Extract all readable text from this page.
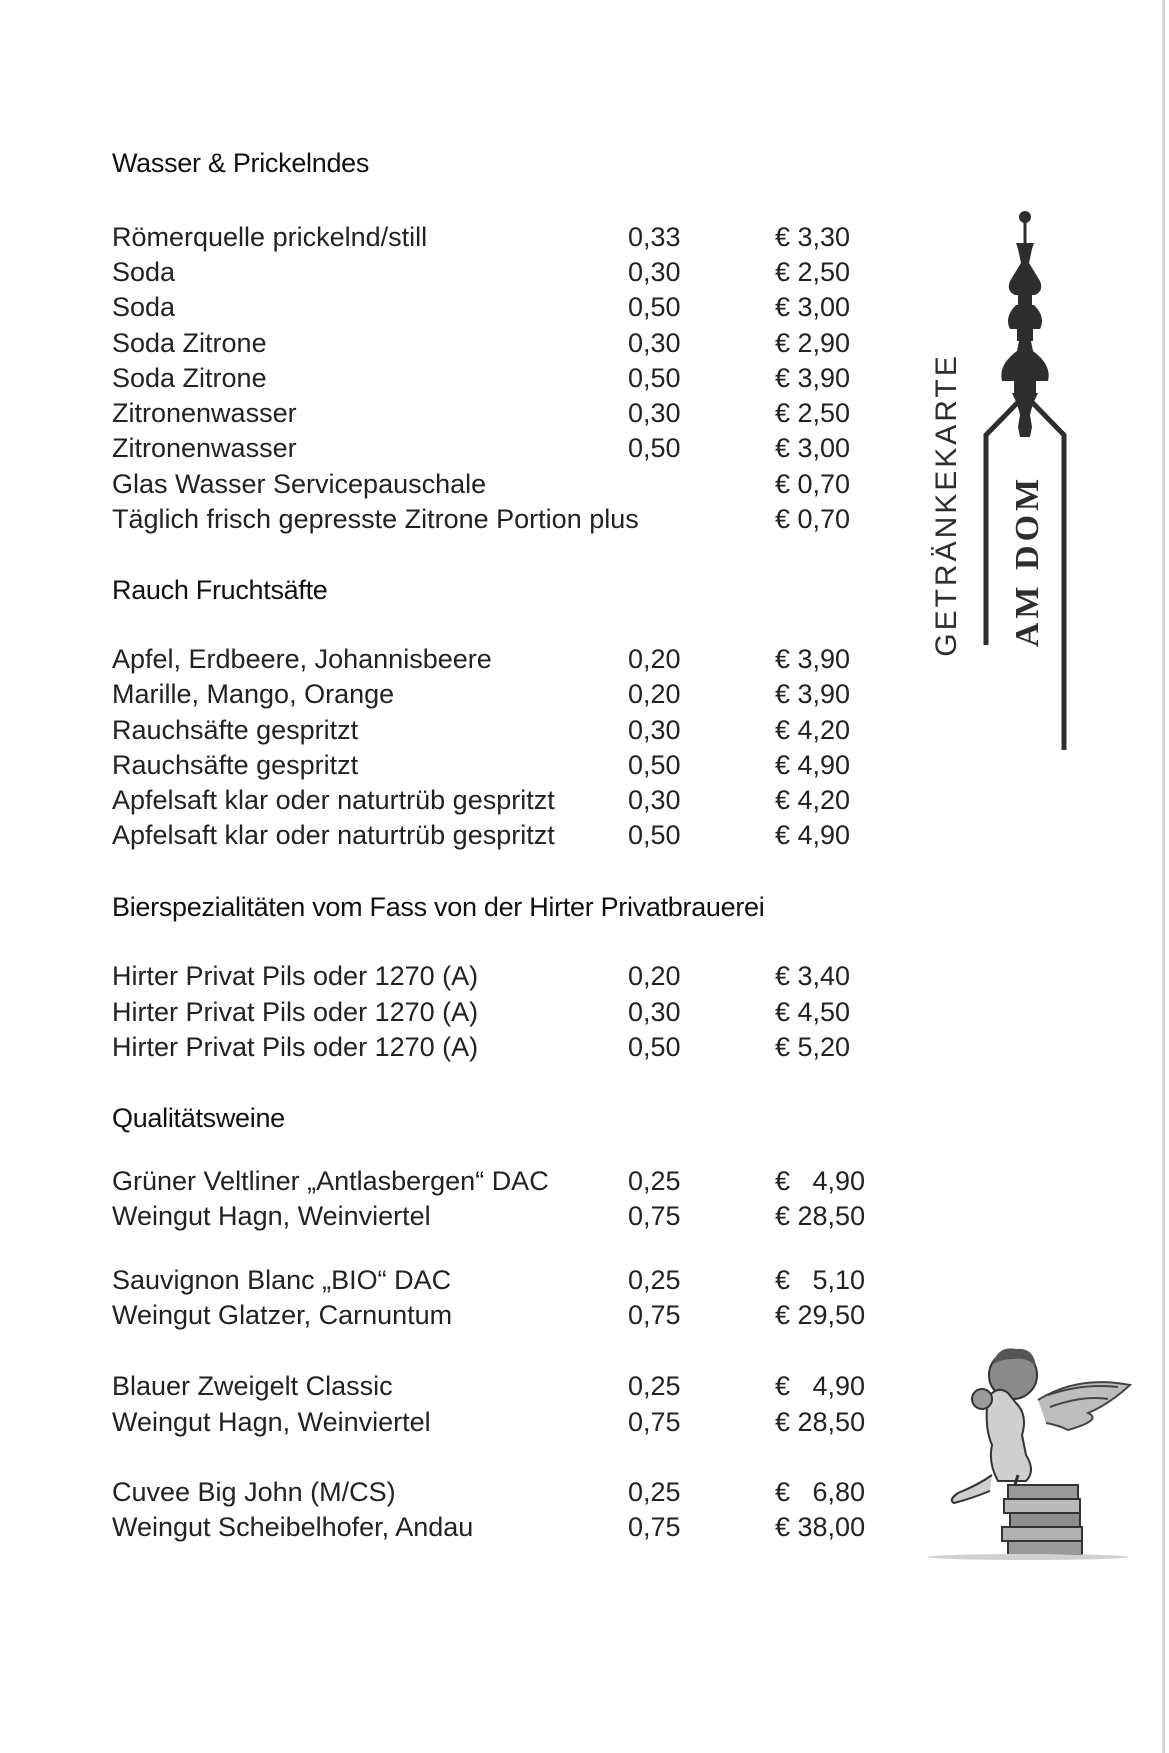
Wasser & Prickelndes
Römerquelle prickelnd/still	0,33	€ 3,30
Soda	0,30	€ 2,50
Soda	0,50	€ 3,00
Soda Zitrone	0,30	€ 2,90
Soda Zitrone	0,50	€ 3,90
Zitronenwasser	0,30	€ 2,50
Zitronenwasser	0,50	€ 3,00
Glas Wasser Servicepauschale	€ 0,70
Täglich frisch gepresste Zitrone Portion plus	€ 0,70
Rauch Fruchtsäfte
Apfel, Erdbeere, Johannisbeere	0,20	€ 3,90
Marille, Mango, Orange	0,20	€ 3,90
Rauchsäfte gespritzt	0,30	€ 4,20
Rauchsäfte gespritzt	0,50	€ 4,90
Apfelsaft klar oder naturtrüb gespritzt	0,30	€ 4,20
Apfelsaft klar oder naturtrüb gespritzt	0,50	€ 4,90
Bierspezialitäten vom Fass von der Hirter Privatbrauerei
Hirter Privat Pils oder 1270 (A)	0,20	€ 3,40
Hirter Privat Pils oder 1270 (A)	0,30	€ 4,50
Hirter Privat Pils oder 1270 (A)	0,50	€ 5,20
Qualitätsweine
Grüner Veltliner „Antlasbergen“ DAC	0,25	€   4,90
Weingut Hagn, Weinviertel	0,75	€ 28,50
Sauvignon Blanc „BIO“ DAC	0,25	€   5,10
Weingut Glatzer, Carnuntum	0,75	€ 29,50
Blauer Zweigelt Classic	0,25	€   4,90
Weingut Hagn, Weinviertel	0,75	€ 28,50
Cuvee Big John (M/CS)	0,25	€   6,80
Weingut Scheibelhofer, Andau	0,75	€ 38,00
GETRÄNKEKARTE AM DOM
